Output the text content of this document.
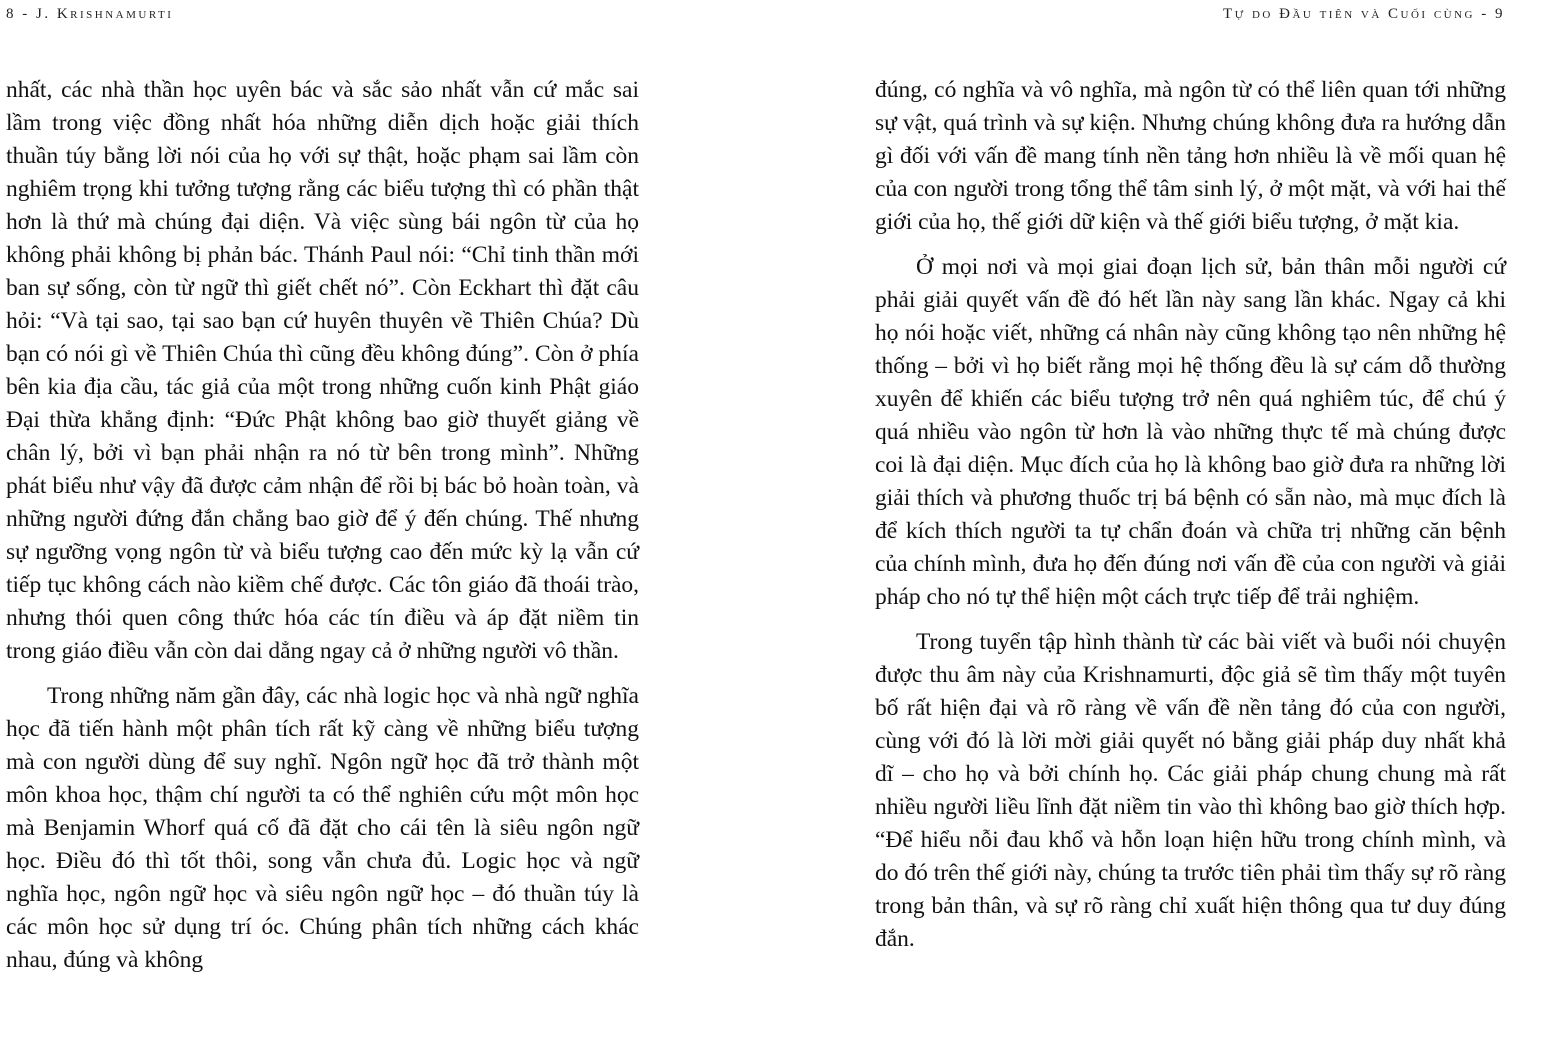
8 - J. Krishnamurti

nhất, các nhà thần học uyên bác và sắc sảo nhất vẫn cứ mắc sai lầm trong việc đồng nhất hóa những diễn dịch hoặc giải thích thuần túy bằng lời nói của họ với sự thật, hoặc phạm sai lầm còn nghiêm trọng khi tưởng tượng rằng các biểu tượng thì có phần thật hơn là thứ mà chúng đại diện. Và việc sùng bái ngôn từ của họ không phải không bị phản bác. Thánh Paul nói: “Chỉ tinh thần mới ban sự sống, còn từ ngữ thì giết chết nó”. Còn Eckhart thì đặt câu hỏi: “Và tại sao, tại sao bạn cứ huyên thuyên về Thiên Chúa? Dù bạn có nói gì về Thiên Chúa thì cũng đều không đúng”. Còn ở phía bên kia địa cầu, tác giả của một trong những cuốn kinh Phật giáo Đại thừa khẳng định: “Đức Phật không bao giờ thuyết giảng về chân lý, bởi vì bạn phải nhận ra nó từ bên trong mình”. Những phát biểu như vậy đã được cảm nhận để rồi bị bác bỏ hoàn toàn, và những người đứng đắn chẳng bao giờ để ý đến chúng. Thế nhưng sự ngưỡng vọng ngôn từ và biểu tượng cao đến mức kỳ lạ vẫn cứ tiếp tục không cách nào kiềm chế được. Các tôn giáo đã thoái trào, nhưng thói quen công thức hóa các tín điều và áp đặt niềm tin trong giáo điều vẫn còn dai dẳng ngay cả ở những người vô thần.

Trong những năm gần đây, các nhà logic học và nhà ngữ nghĩa học đã tiến hành một phân tích rất kỹ càng về những biểu tượng mà con người dùng để suy nghĩ. Ngôn ngữ học đã trở thành một môn khoa học, thậm chí người ta có thể nghiên cứu một môn học mà Benjamin Whorf quá cố đã đặt cho cái tên là siêu ngôn ngữ học. Điều đó thì tốt thôi, song vẫn chưa đủ. Logic học và ngữ nghĩa học, ngôn ngữ học và siêu ngôn ngữ học – đó thuần túy là các môn học sử dụng trí óc. Chúng phân tích những cách khác nhau, đúng và không

Tự do Đầu tiên và Cuối cùng - 9

đúng, có nghĩa và vô nghĩa, mà ngôn từ có thể liên quan tới những sự vật, quá trình và sự kiện. Nhưng chúng không đưa ra hướng dẫn gì đối với vấn đề mang tính nền tảng hơn nhiều là về mối quan hệ của con người trong tổng thể tâm sinh lý, ở một mặt, và với hai thế giới của họ, thế giới dữ kiện và thế giới biểu tượng, ở mặt kia.

Ở mọi nơi và mọi giai đoạn lịch sử, bản thân mỗi người cứ phải giải quyết vấn đề đó hết lần này sang lần khác. Ngay cả khi họ nói hoặc viết, những cá nhân này cũng không tạo nên những hệ thống – bởi vì họ biết rằng mọi hệ thống đều là sự cám dỗ thường xuyên để khiến các biểu tượng trở nên quá nghiêm túc, để chú ý quá nhiều vào ngôn từ hơn là vào những thực tế mà chúng được coi là đại diện. Mục đích của họ là không bao giờ đưa ra những lời giải thích và phương thuốc trị bá bệnh có sẵn nào, mà mục đích là để kích thích người ta tự chẩn đoán và chữa trị những căn bệnh của chính mình, đưa họ đến đúng nơi vấn đề của con người và giải pháp cho nó tự thể hiện một cách trực tiếp để trải nghiệm.

Trong tuyển tập hình thành từ các bài viết và buổi nói chuyện được thu âm này của Krishnamurti, độc giả sẽ tìm thấy một tuyên bố rất hiện đại và rõ ràng về vấn đề nền tảng đó của con người, cùng với đó là lời mời giải quyết nó bằng giải pháp duy nhất khả dĩ – cho họ và bởi chính họ. Các giải pháp chung chung mà rất nhiều người liều lĩnh đặt niềm tin vào thì không bao giờ thích hợp. “Để hiểu nỗi đau khổ và hỗn loạn hiện hữu trong chính mình, và do đó trên thế giới này, chúng ta trước tiên phải tìm thấy sự rõ ràng trong bản thân, và sự rõ ràng chỉ xuất hiện thông qua tư duy đúng đắn.
